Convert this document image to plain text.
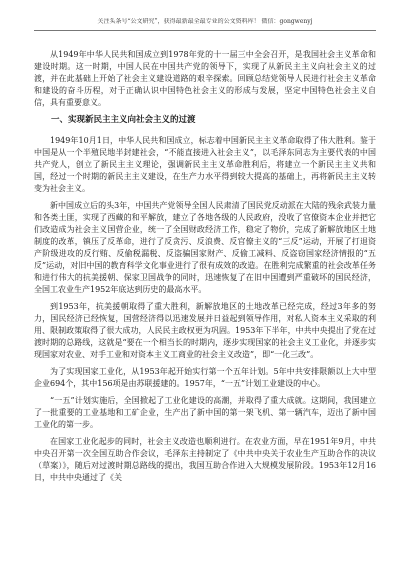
关注头条号“公文研究”，获得最新最全最专业的公文资料库！ 微信：gongwenyj

从1949年中华人民共和国成立到1978年党的十一届三中全会召开，是我国社会主义革命和建设时期。这一时期，中国人民在中国共产党的领导下，实现了从新民主主义向社会主义的过渡，并在此基础上开始了社会主义建设道路的艰辛探索。回顾总结党领导人民进行社会主义革命和建设的奋斗历程，对于正确认识中国特色社会主义的形成与发展，坚定中国特色社会主义自信，具有重要意义。

一、实现新民主主义向社会主义的过渡

1949年10月1日，中华人民共和国成立，标志着中国新民主主义革命取得了伟大胜利。鉴于中国是从一个半殖民地半封建社会，“不能直接进入社会主义”，以毛泽东同志为主要代表的中国共产党人，创立了新民主主义理论，强调新民主主义革命胜利后，将建立一个新民主主义共和国，经过一个时期的新民主主义建设，在生产力水平得到较大提高的基础上，再将新民主主义转变为社会主义。

新中国成立后的头3年，中国共产党领导全国人民肃清了国民党反动派在大陆的残余武装力量和各类土匪，实现了西藏的和平解放，建立了各地各级的人民政府，没收了官僚资本企业并把它们改造成为社会主义国营企业，统一了全国财政经济工作，稳定了物价，完成了新解放地区土地制度的改革，镇压了反革命，进行了反贪污、反浪费、反官僚主义的“三反”运动，开展了打退资产阶级进攻的反行贿、反偷税漏税、反盗骗国家财产、反偷工减料、反盗窃国家经济情报的“五反”运动，对旧中国的教育科学文化事业进行了很有成效的改造。在胜利完成繁重的社会改革任务和进行伟大的抗美援朝、保家卫国战争的同时，迅速恢复了在旧中国遭到严重破坏的国民经济，全国工农业生产1952年底达到历史的最高水平。

到1953年，抗美援朝取得了重大胜利，新解放地区的土地改革已经完成，经过3年多的努力，国民经济已经恢复，国营经济得以迅速发展并日益起到领导作用，对私人资本主义采取的利用、限制政策取得了很大成功，人民民主政权更为巩固。1953年下半年，中共中央提出了党在过渡时期的总路线，这就是“要在一个相当长的时期内，逐步实现国家的社会主义工业化，并逐步实现国家对农业、对手工业和对资本主义工商业的社会主义改造”，即“一化三改”。

为了实现国家工业化，从1953年起开始实行第一个五年计划。5年中共安排限额以上大中型企业694个，其中156项是由苏联援建的。1957年，“一五”计划工业建设的中心。

“一五”计划实施后，全国掀起了工业化建设的高潮，并取得了重大成就。这期间，我国建立了一批重要的工业基地和工矿企业，生产出了新中国的第一架飞机、第一辆汽车，迈出了新中国工业化的第一步。

在国家工业化起步的同时，社会主义改造也顺利进行。在农业方面，早在1951年9月，中共中央召开第一次全国互助合作会议，毛泽东主持制定了《中共中央关于农业生产互助合作的决议（草案）》，随后对过渡时期总路线的提出，我国互助合作进入大规模发展阶段。1953年12月16日，中共中央通过了《关
